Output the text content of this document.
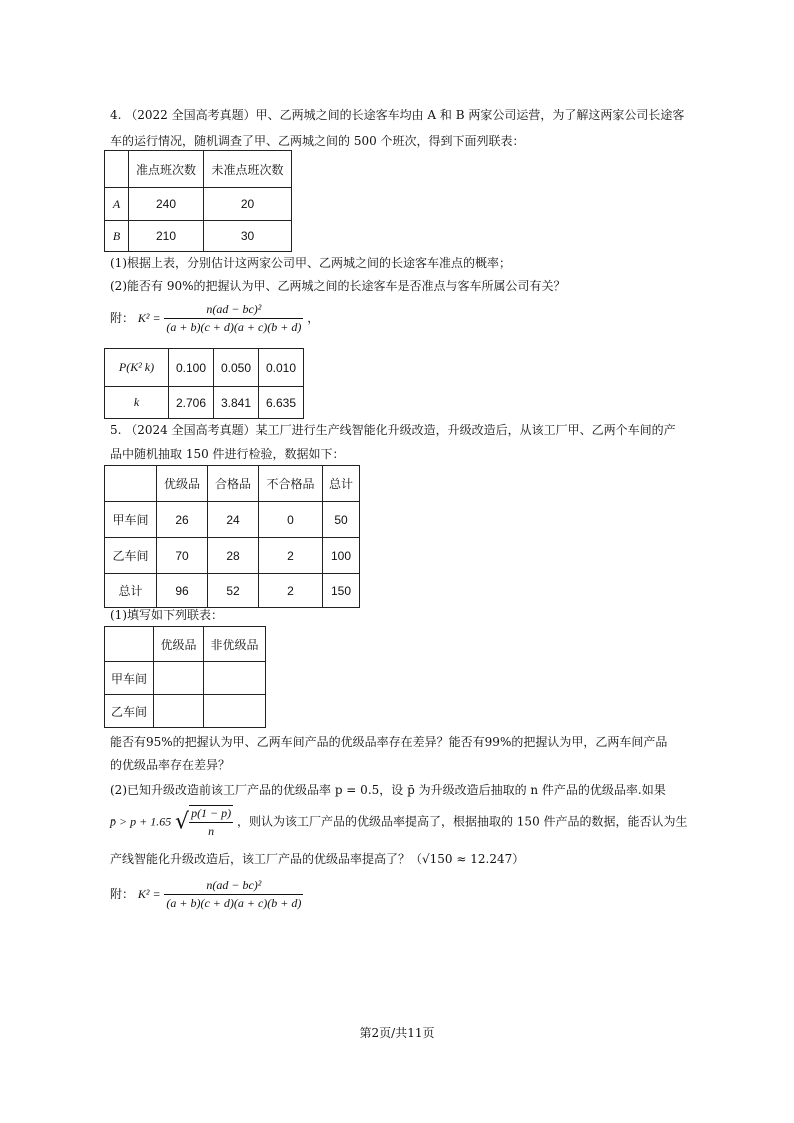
4. （2022 全国高考真题）甲、乙两城之间的长途客车均由 A 和 B 两家公司运营，为了解这两家公司长途客
车的运行情况，随机调查了甲、乙两城之间的 500 个班次，得到下面列联表：
	准点班次数	未准点班次数
A	240	20
B	210	30
(1)根据上表，分别估计这两家公司甲、乙两城之间的长途客车准点的概率；
(2)能否有 90%的把握认为甲、乙两城之间的长途客车是否准点与客车所属公司有关？
附： $K^2 = \frac{\text{n(ad − bc)²}}{(a + b)(c + d)(a + c)(b + d)}$ ，
P(K² k)	0.100	0.050	0.010
k	2.706	3.841	6.635
5. （2024 全国高考真题）某工厂进行生产线智能化升级改造，升级改造后，从该工厂甲、乙两个车间的产
品中随机抽取 150 件进行检验，数据如下：
	优级品	合格品	不合格品	总计
甲车间	26	24	0	50
乙车间	70	28	2	100
总计	96	52	2	150
(1)填写如下列联表：
	优级品	非优级品
甲车间		
乙车间		
能否有95%的把握认为甲、乙两车间产品的优级品率存在差异？能否有99%的把握认为甲，乙两车间产品
的优级品率存在差异？
(2)已知升级改造前该工厂产品的优级品率 p = 0.5，设 p̄ 为升级改造后抽取的 n 件产品的优级品率.如果
p̄ > p + 1.65 √ $\frac{p(1 - p)}{n}$ ，则认为该工厂产品的优级品率提高了，根据抽取的 150 件产品的数据，能否认为生
产线智能化升级改造后，该工厂产品的优级品率提高了？（√150 ≈ 12.247）
附： $K^2 = \frac{\text{n(ad − bc)²}}{(a + b)(c + d)(a + c)(b + d)}$
第2页/共11页
